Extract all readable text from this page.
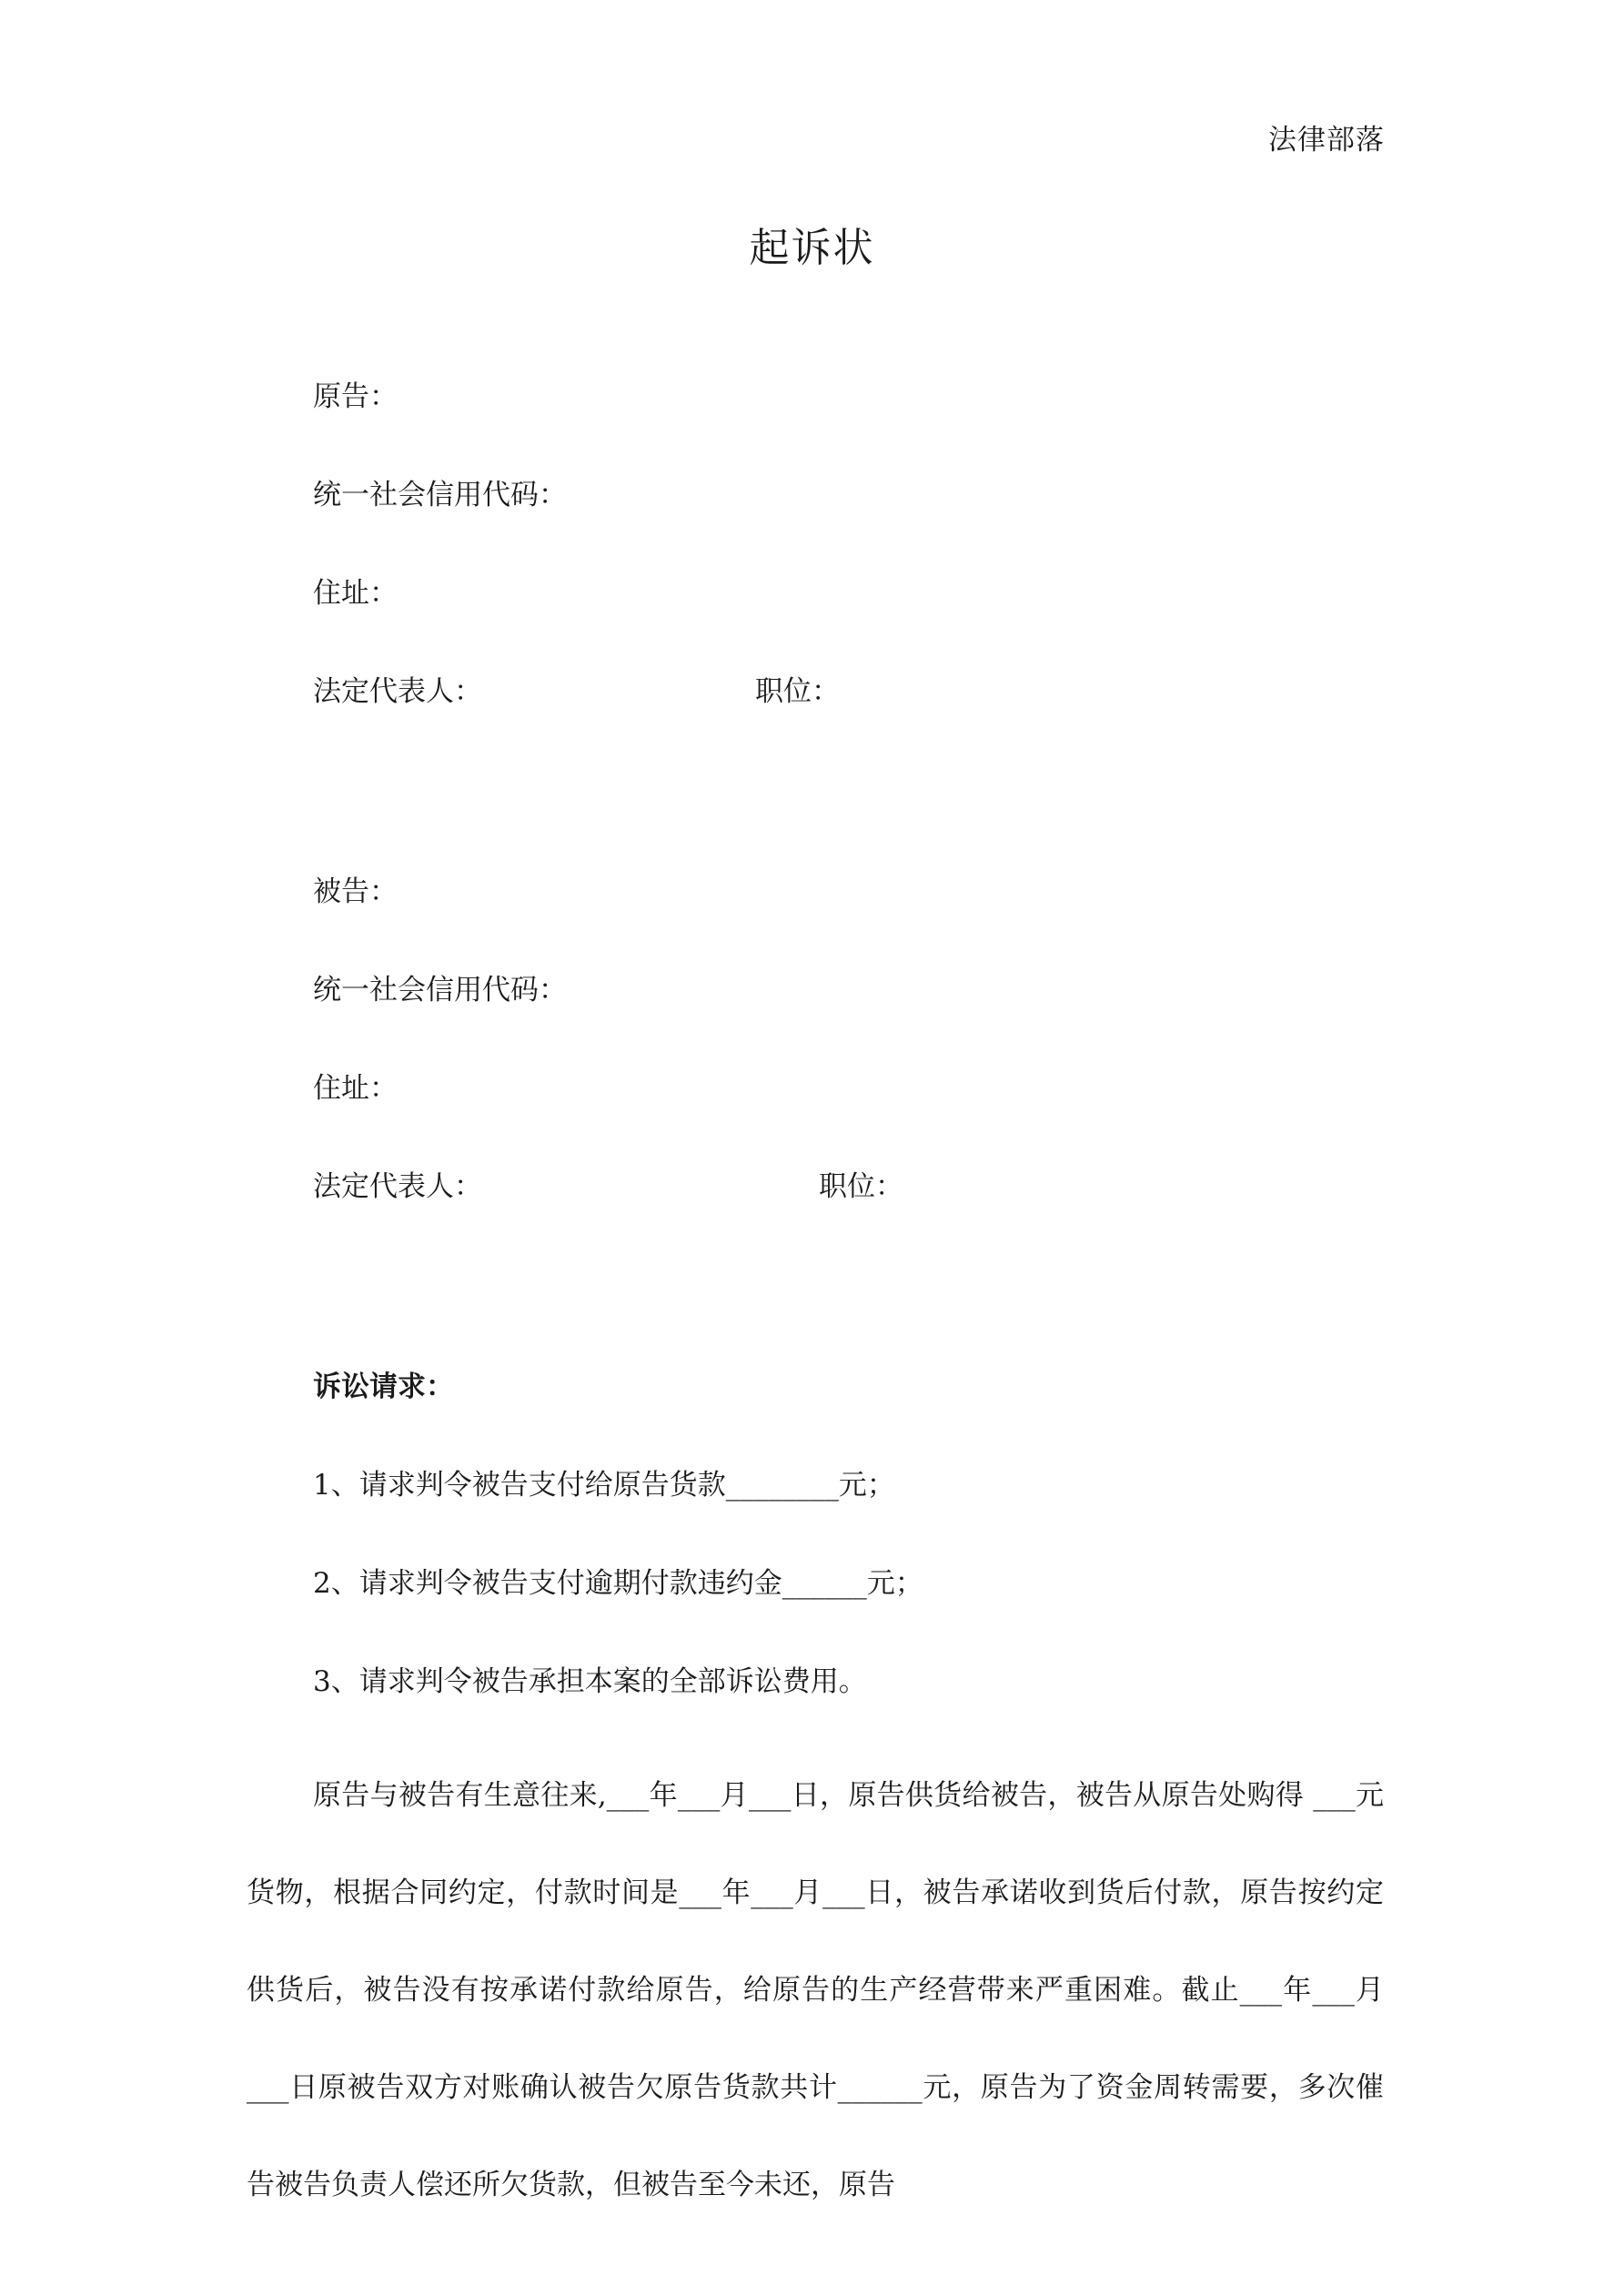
法律部落
起诉状
原告：
统一社会信用代码：
住址：
法定代表人：	职位：
被告：
统一社会信用代码：
住址：
法定代表人：	职位：
诉讼请求：
1、请求判令被告支付给原告货款________元；
2、请求判令被告支付逾期付款违约金______元；
3、请求判令被告承担本案的全部诉讼费用。

原告与被告有生意往来,___年___月___日，原告供货给被告，被告从原告处购得 ___元货物，根据合同约定，付款时间是___年___月___日，被告承诺收到货后付款，原告按约定供货后，被告没有按承诺付款给原告，给原告的生产经营带来严重困难。截止___年___月___日原被告双方对账确认被告欠原告货款共计______元，原告为了资金周转需要，多次催告被告负责人偿还所欠货款，但被告至今未还，原告
